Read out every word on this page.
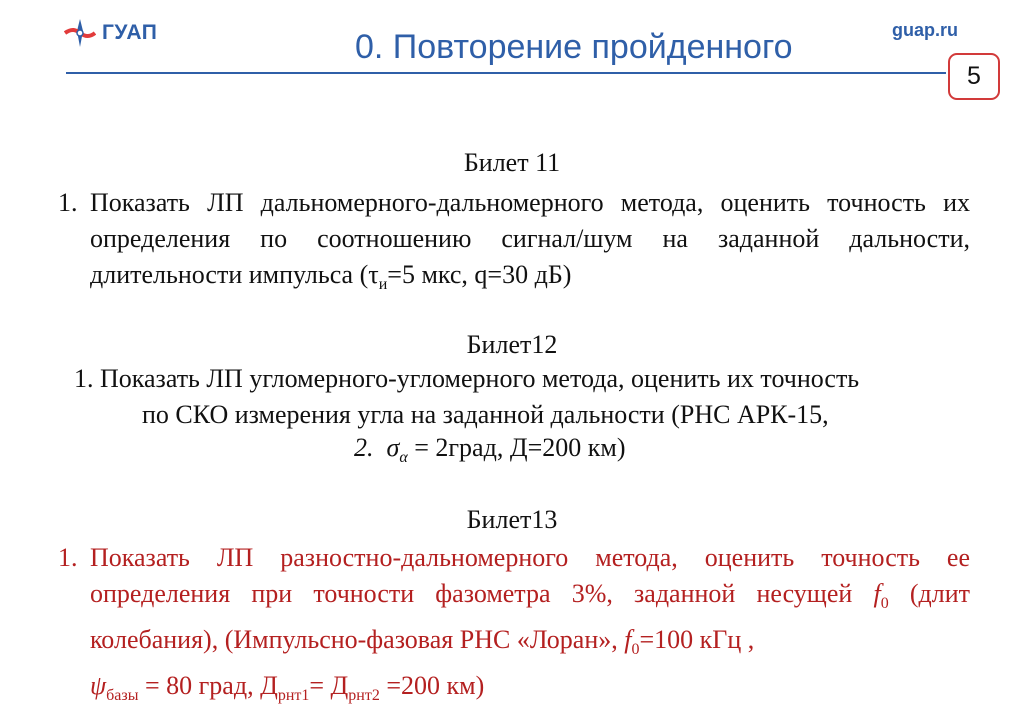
ГУАП	guap.ru
0. Повторение пройденного
5
Билет 11
1. Показать ЛП дальномерного-дальномерного метода, оценить точность их определения по соотношению сигнал/шум на заданной дальности, длительности импульса ($\tau_и=5$ мкс, q=30 дБ)
Билет12
1. Показать ЛП угломерного-угломерного метода, оценить их точность
по СКО измерения угла на заданной дальности (РНС АРК-15,
2. $\sigma_\alpha$ = 2град, Д=200 км)
Билет13
1. Показать ЛП разностно-дальномерного метода, оценить точность ее определения при точности фазометра 3%, заданной несущей $f_0$ (длит колебания), (Импульсно-фазовая РНС «Лоран», $f_0=100$ кГц ,
$\psi_{базы} = 80$ град, $Д_{рнт1}= Д_{рнт2} =200$ км)
